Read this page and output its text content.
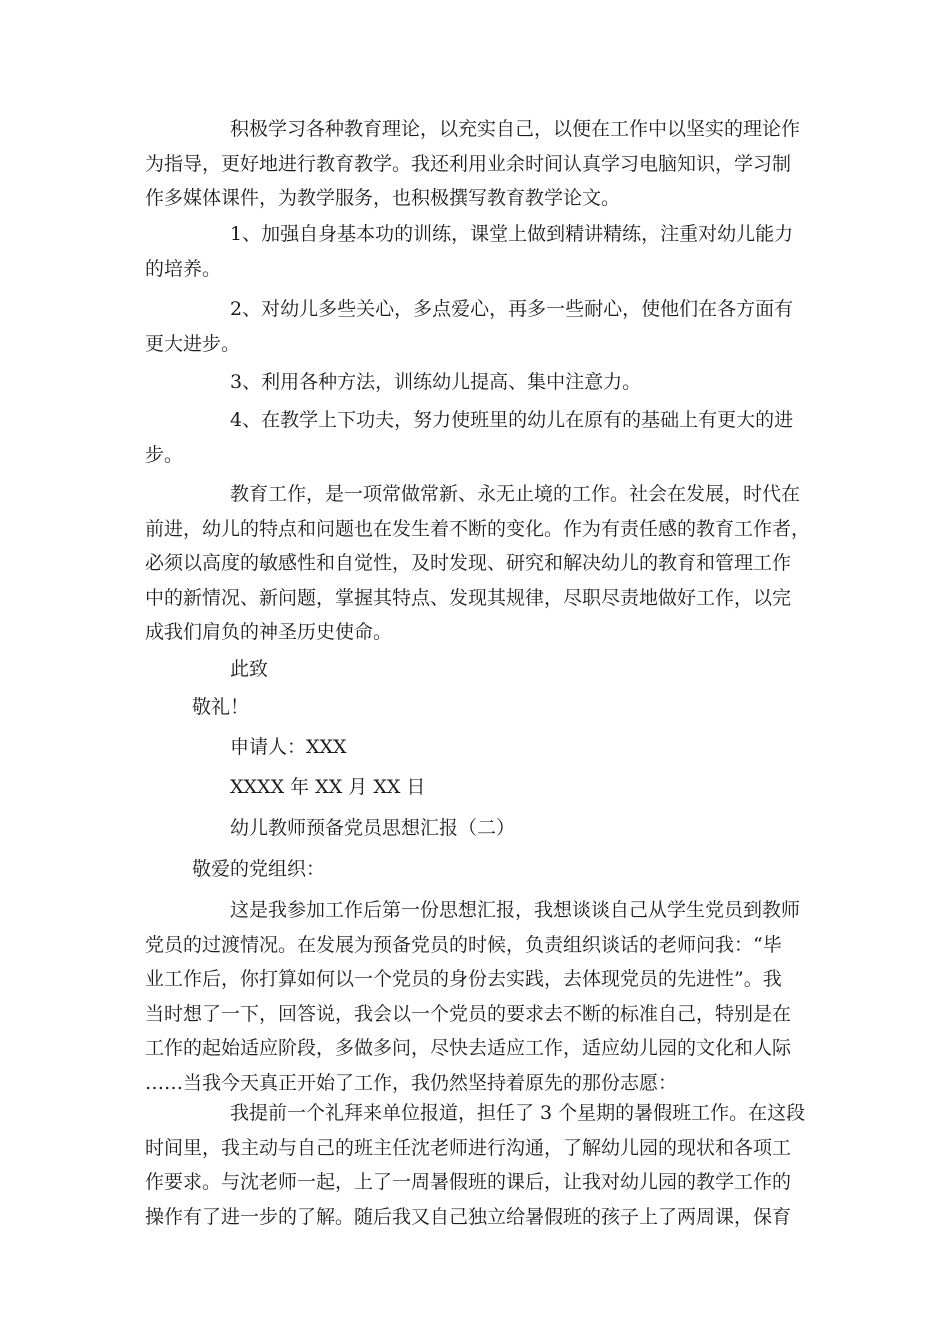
积极学习各种教育理论，以充实自己，以便在工作中以坚实的理论作
为指导，更好地进行教育教学。我还利用业余时间认真学习电脑知识，学习制
作多媒体课件，为教学服务，也积极撰写教育教学论文。

1、加强自身基本功的训练，课堂上做到精讲精练，注重对幼儿能力
的培养。

2、对幼儿多些关心，多点爱心，再多一些耐心，使他们在各方面有
更大进步。

3、利用各种方法，训练幼儿提高、集中注意力。

4、在教学上下功夫，努力使班里的幼儿在原有的基础上有更大的进
步。

教育工作，是一项常做常新、永无止境的工作。社会在发展，时代在
前进，幼儿的特点和问题也在发生着不断的变化。作为有责任感的教育工作者，
必须以高度的敏感性和自觉性，及时发现、研究和解决幼儿的教育和管理工作
中的新情况、新问题，掌握其特点、发现其规律，尽职尽责地做好工作，以完
成我们肩负的神圣历史使命。

此致

敬礼！

申请人：XXX

XXXX 年 XX 月 XX 日

幼儿教师预备党员思想汇报（二）

敬爱的党组织：

这是我参加工作后第一份思想汇报，我想谈谈自己从学生党员到教师
党员的过渡情况。在发展为预备党员的时候，负责组织谈话的老师问我：“毕
业工作后，你打算如何以一个党员的身份去实践，去体现党员的先进性”。我
当时想了一下，回答说，我会以一个党员的要求去不断的标准自己，特别是在
工作的起始适应阶段，多做多问，尽快去适应工作，适应幼儿园的文化和人际
……当我今天真正开始了工作，我仍然坚持着原先的那份志愿：

我提前一个礼拜来单位报道，担任了 3 个星期的暑假班工作。在这段
时间里，我主动与自己的班主任沈老师进行沟通，了解幼儿园的现状和各项工
作要求。与沈老师一起，上了一周暑假班的课后，让我对幼儿园的教学工作的
操作有了进一步的了解。随后我又自己独立给暑假班的孩子上了两周课，保育
